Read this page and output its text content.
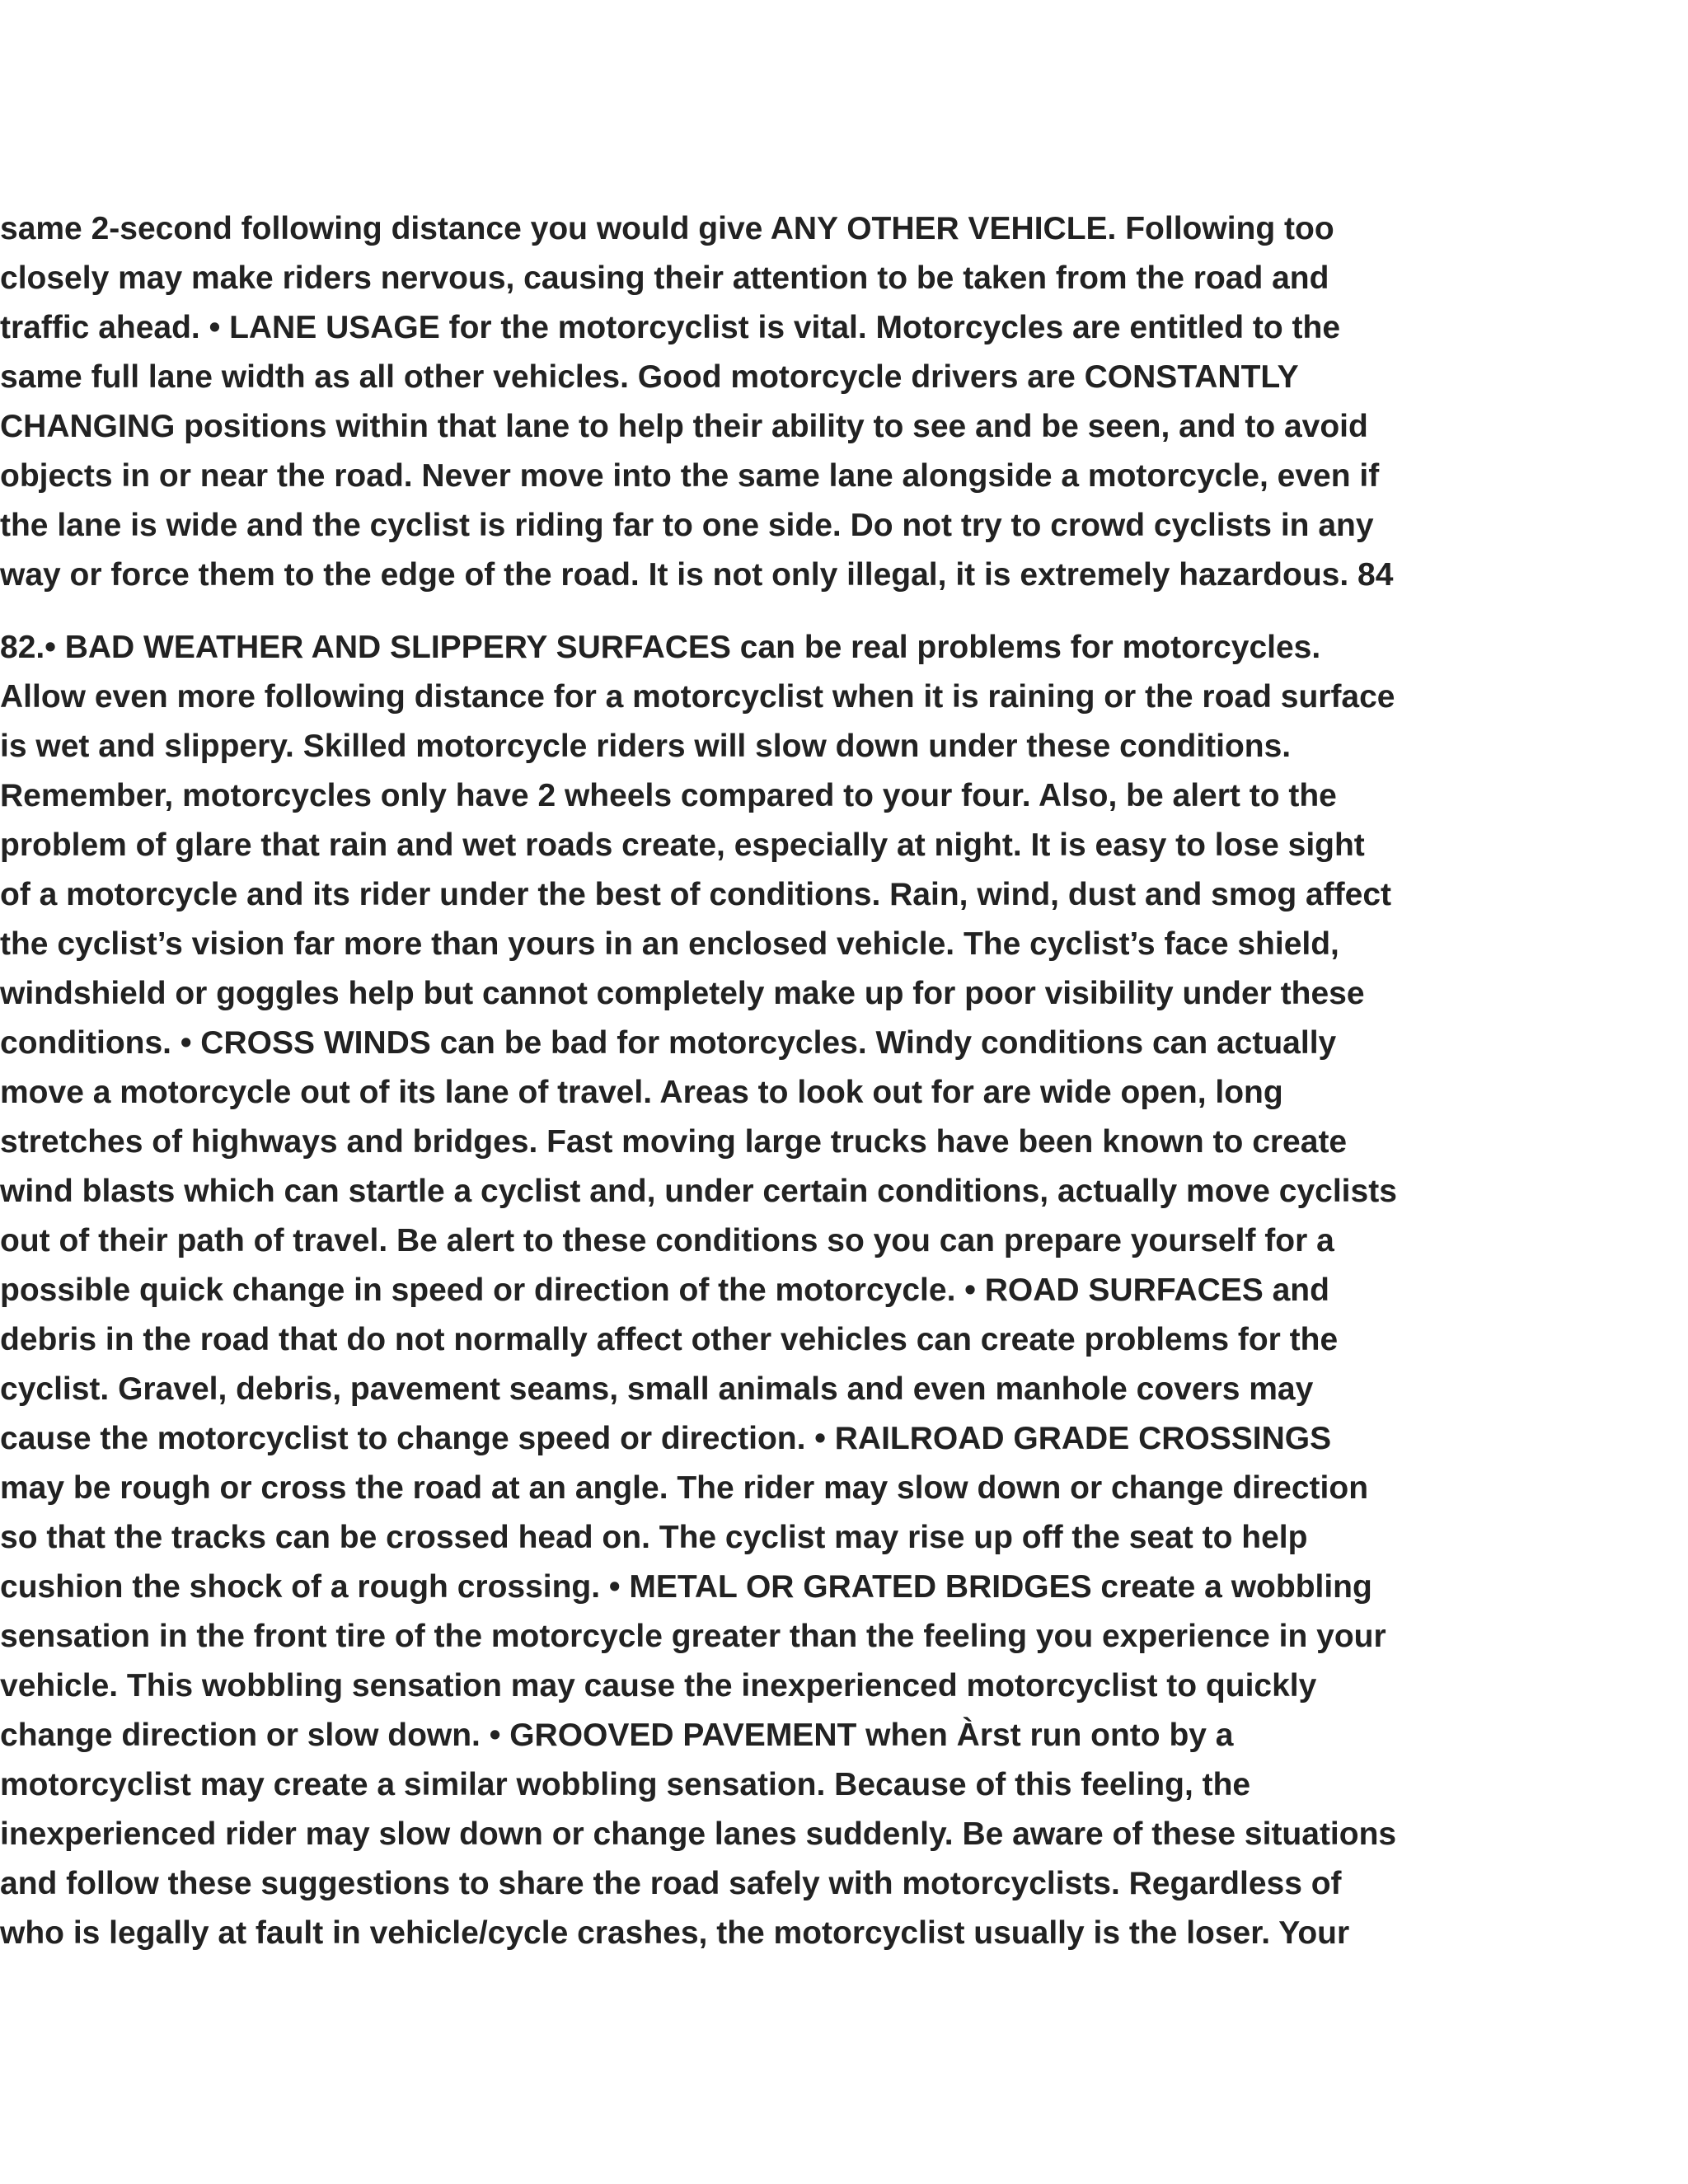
same 2-second following distance you would give ANY OTHER VEHICLE. Following too
closely may make riders nervous, causing their attention to be taken from the road and
traffic ahead. • LANE USAGE for the motorcyclist is vital. Motorcycles are entitled to the
same full lane width as all other vehicles. Good motorcycle drivers are CONSTANTLY
CHANGING positions within that lane to help their ability to see and be seen, and to avoid
objects in or near the road. Never move into the same lane alongside a motorcycle, even if
the lane is wide and the cyclist is riding far to one side. Do not try to crowd cyclists in any
way or force them to the edge of the road. It is not only illegal, it is extremely hazardous. 84
82.• BAD WEATHER AND SLIPPERY SURFACES can be real problems for motorcycles.
Allow even more following distance for a motorcyclist when it is raining or the road surface
is wet and slippery. Skilled motorcycle riders will slow down under these conditions.
Remember, motorcycles only have 2 wheels compared to your four. Also, be alert to the
problem of glare that rain and wet roads create, especially at night. It is easy to lose sight
of a motorcycle and its rider under the best of conditions. Rain, wind, dust and smog affect
the cyclist’s vision far more than yours in an enclosed vehicle. The cyclist’s face shield,
windshield or goggles help but cannot completely make up for poor visibility under these
conditions. • CROSS WINDS can be bad for motorcycles. Windy conditions can actually
move a motorcycle out of its lane of travel. Areas to look out for are wide open, long
stretches of highways and bridges. Fast moving large trucks have been known to create
wind blasts which can startle a cyclist and, under certain conditions, actually move cyclists
out of their path of travel. Be alert to these conditions so you can prepare yourself for a
possible quick change in speed or direction of the motorcycle. • ROAD SURFACES and
debris in the road that do not normally affect other vehicles can create problems for the
cyclist. Gravel, debris, pavement seams, small animals and even manhole covers may
cause the motorcyclist to change speed or direction. • RAILROAD GRADE CROSSINGS
may be rough or cross the road at an angle. The rider may slow down or change direction
so that the tracks can be crossed head on. The cyclist may rise up off the seat to help
cushion the shock of a rough crossing. • METAL OR GRATED BRIDGES create a wobbling
sensation in the front tire of the motorcycle greater than the feeling you experience in your
vehicle. This wobbling sensation may cause the inexperienced motorcyclist to quickly
change direction or slow down. • GROOVED PAVEMENT when Àrst run onto by a
motorcyclist may create a similar wobbling sensation. Because of this feeling, the
inexperienced rider may slow down or change lanes suddenly. Be aware of these situations
and follow these suggestions to share the road safely with motorcyclists. Regardless of
who is legally at fault in vehicle/cycle crashes, the motorcyclist usually is the loser. Your
